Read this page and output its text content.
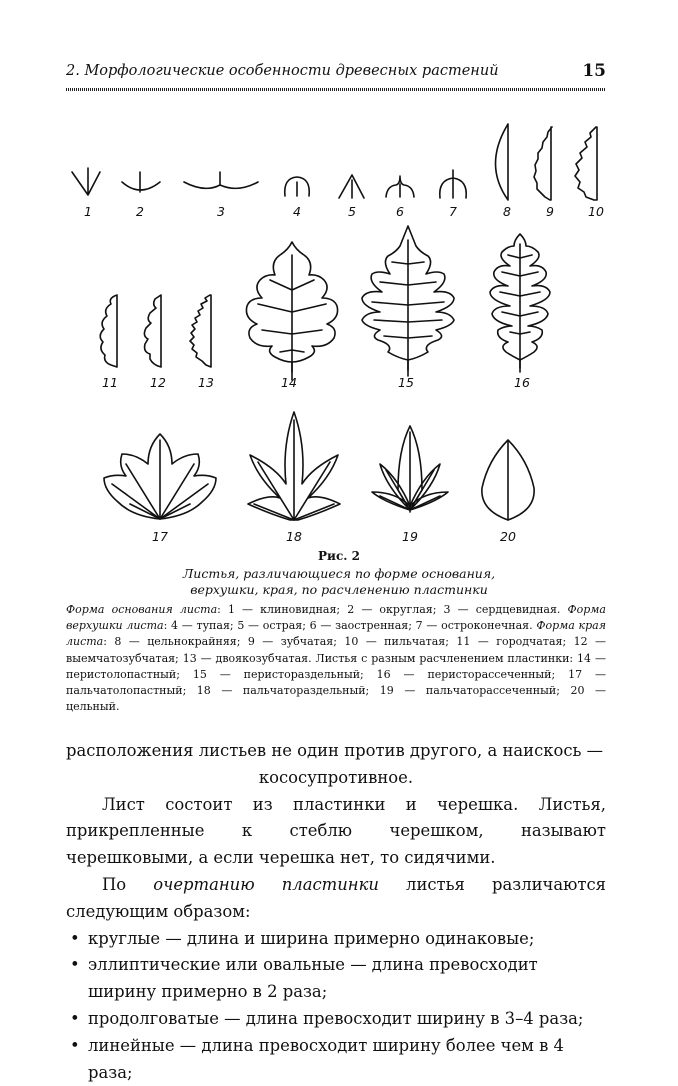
2. Морфологические особенности древесных растений	15
1	2	3	4	5	6	7	8	9	10
11	12	13	14	15	16
17	18	19	20
Рис. 2
Листья, различающиеся по форме основания,
верхушки, края, по расчленению пластинки
Форма основания листа: 1 — клиновидная; 2 — округлая; 3 — сердцевидная. Форма верхушки листа: 4 — тупая; 5 — острая; 6 — заостренная; 7 — остроконечная. Форма края листа: 8 — цельнокрайняя; 9 — зубчатая; 10 — пильчатая; 11 — городчатая; 12 — выемчатозубчатая; 13 — двоякозубчатая. Листья с разным расчленением пластинки: 14 — перистолопастный; 15 — перисторaздельный; 16 — перисторассеченный; 17 — пальчатолопастный; 18 — пальчатораздельный; 19 — пальчаторассеченный; 20 — цельный.

расположения листьев не один против другого, а наискось —
кососупротивное.

Лист состоит из пластинки и черешка. Листья, прикрепленные к стеблю черешком, называют черешковыми, а если черешка нет, то сидячими.

По очертанию пластинки листья различаются следующим образом:

• круглые — длина и ширина примерно одинаковые;
• эллиптические или овальные — длина превосходит ширину примерно в 2 раза;
• продолговатые — длина превосходит ширину в 3–4 раза;
• линейные — длина превосходит ширину более чем в 4 раза;
